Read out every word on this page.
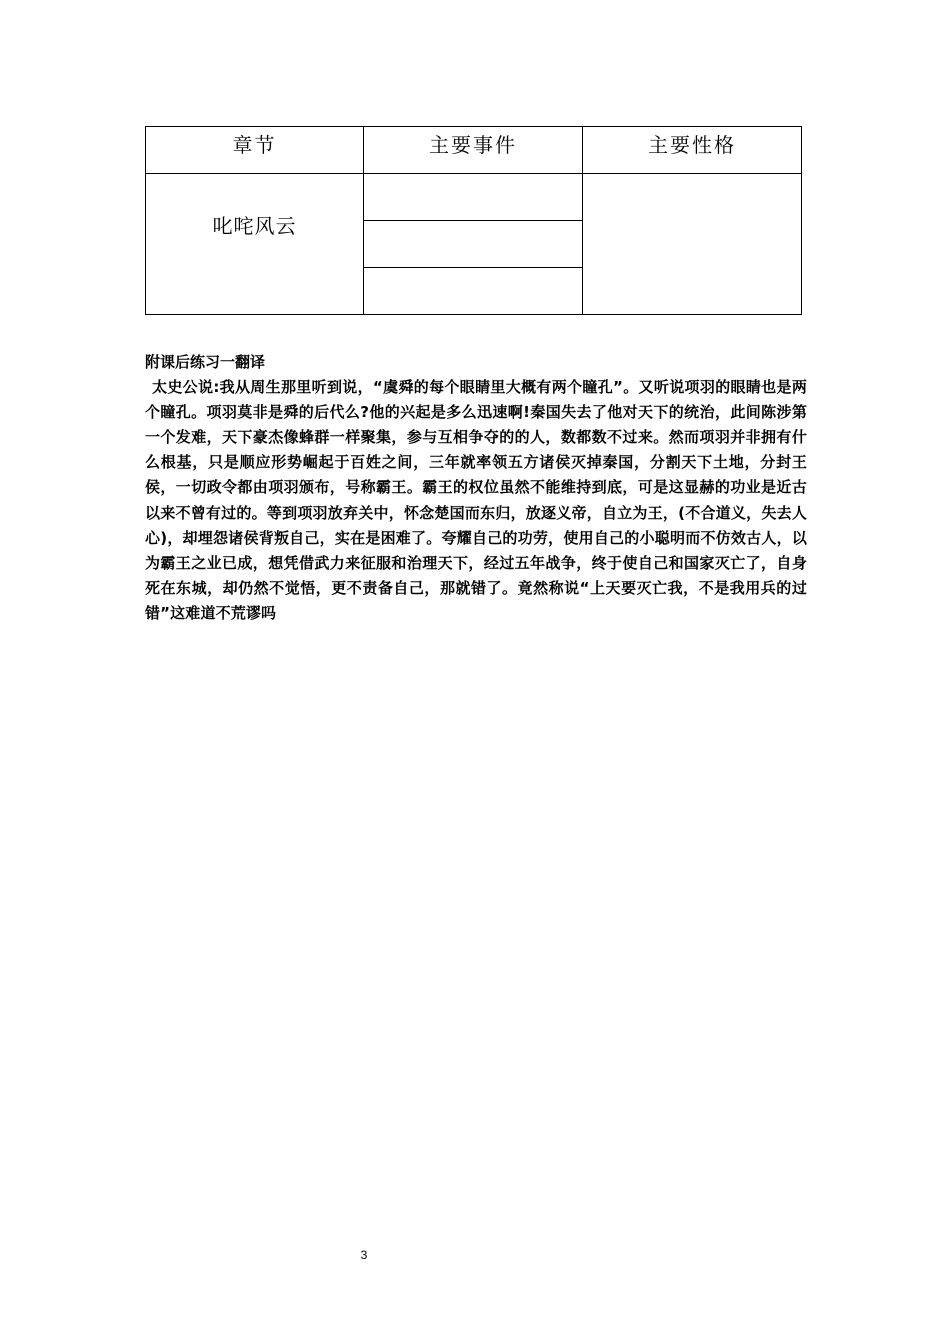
章节	主要事件	主要性格
叱咤风云		

附课后练习一翻译

太史公说:我从周生那里听到说，“虞舜的每个眼睛里大概有两个瞳孔”。又听说项羽的眼睛也是两个瞳孔。项羽莫非是舜的后代么?他的兴起是多么迅速啊!秦国失去了他对天下的统治，此间陈涉第一个发难，天下豪杰像蜂群一样聚集，参与互相争夺的的人，数都数不过来。然而项羽并非拥有什么根基，只是顺应形势崛起于百姓之间，三年就率领五方诸侯灭掉秦国，分割天下土地，分封王侯，一切政令都由项羽颁布，号称霸王。霸王的权位虽然不能维持到底，可是这显赫的功业是近古以来不曾有过的。等到项羽放弃关中，怀念楚国而东归，放逐义帝，自立为王，(不合道义，失去人心)，却埋怨诸侯背叛自己，实在是困难了。夸耀自己的功劳，使用自己的小聪明而不仿效古人，以为霸王之业已成，想凭借武力来征服和治理天下，经过五年战争，终于使自己和国家灭亡了，自身死在东城，却仍然不觉悟，更不责备自己，那就错了。竟然称说“上天要灭亡我，不是我用兵的过错”这难道不荒谬吗

3
